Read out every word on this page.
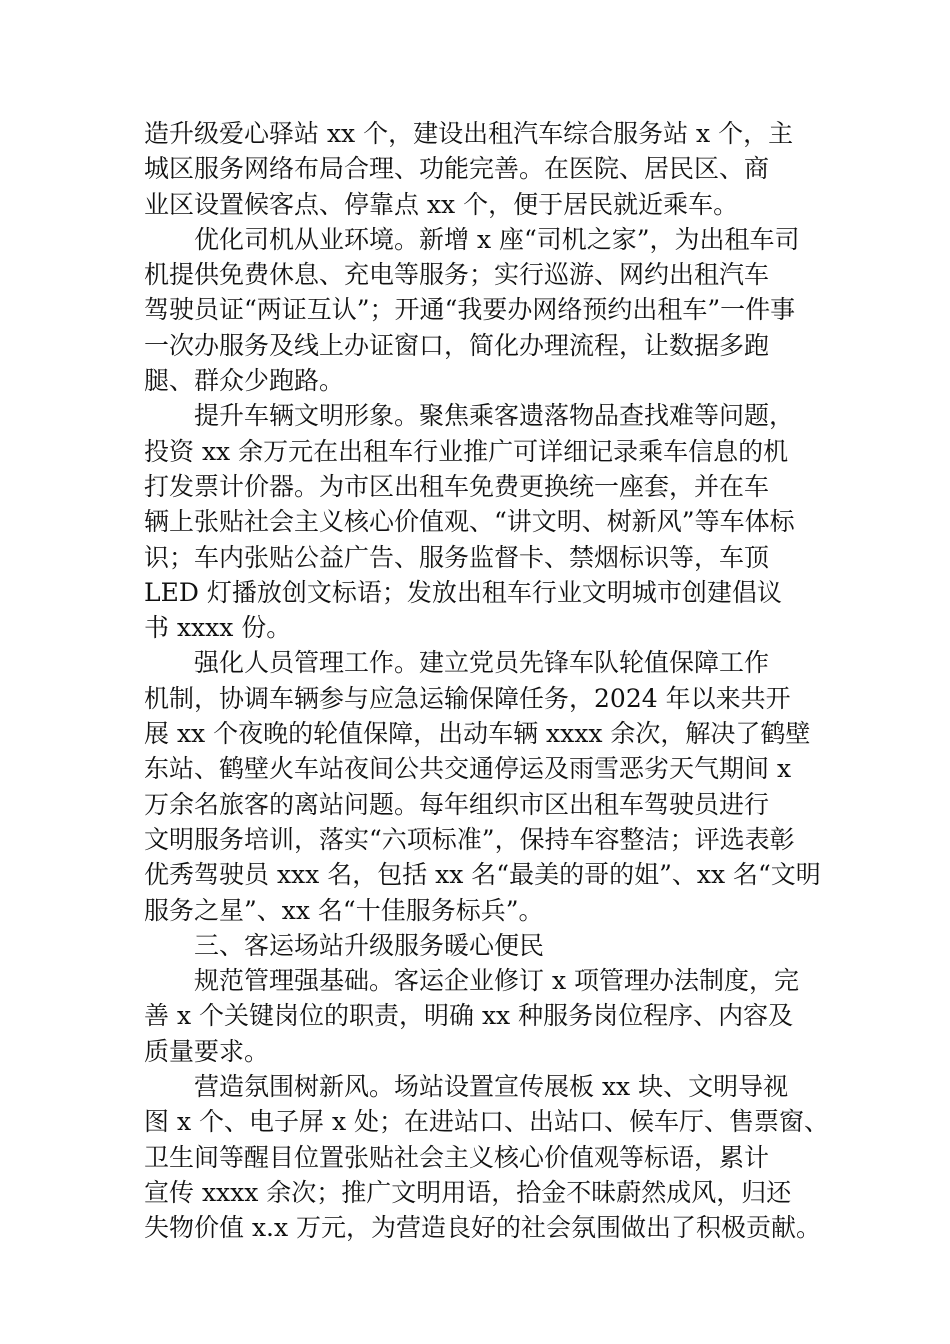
造升级爱心驿站 xx 个，建设出租汽车综合服务站 x 个，主
城区服务网络布局合理、功能完善。在医院、居民区、商
业区设置候客点、停靠点 xx 个，便于居民就近乘车。
优化司机从业环境。新增 x 座“司机之家”，为出租车司
机提供免费休息、充电等服务；实行巡游、网约出租汽车
驾驶员证“两证互认”；开通“我要办网络预约出租车”一件事
一次办服务及线上办证窗口，简化办理流程，让数据多跑
腿、群众少跑路。
提升车辆文明形象。聚焦乘客遗落物品查找难等问题，
投资 xx 余万元在出租车行业推广可详细记录乘车信息的机
打发票计价器。为市区出租车免费更换统一座套，并在车
辆上张贴社会主义核心价值观、“讲文明、树新风”等车体标
识；车内张贴公益广告、服务监督卡、禁烟标识等，车顶
LED 灯播放创文标语；发放出租车行业文明城市创建倡议
书 xxxx 份。
强化人员管理工作。建立党员先锋车队轮值保障工作
机制，协调车辆参与应急运输保障任务，2024 年以来共开
展 xx 个夜晚的轮值保障，出动车辆 xxxx 余次，解决了鹤壁
东站、鹤壁火车站夜间公共交通停运及雨雪恶劣天气期间 x
万余名旅客的离站问题。每年组织市区出租车驾驶员进行
文明服务培训，落实“六项标准”，保持车容整洁；评选表彰
优秀驾驶员 xxx 名，包括 xx 名“最美的哥的姐”、xx 名“文明
服务之星”、xx 名“十佳服务标兵”。
三、客运场站升级服务暖心便民
规范管理强基础。客运企业修订 x 项管理办法制度，完
善 x 个关键岗位的职责，明确 xx 种服务岗位程序、内容及
质量要求。
营造氛围树新风。场站设置宣传展板 xx 块、文明导视
图 x 个、电子屏 x 处；在进站口、出站口、候车厅、售票窗、
卫生间等醒目位置张贴社会主义核心价值观等标语，累计
宣传 xxxx 余次；推广文明用语，拾金不昧蔚然成风，归还
失物价值 x.x 万元，为营造良好的社会氛围做出了积极贡献。
